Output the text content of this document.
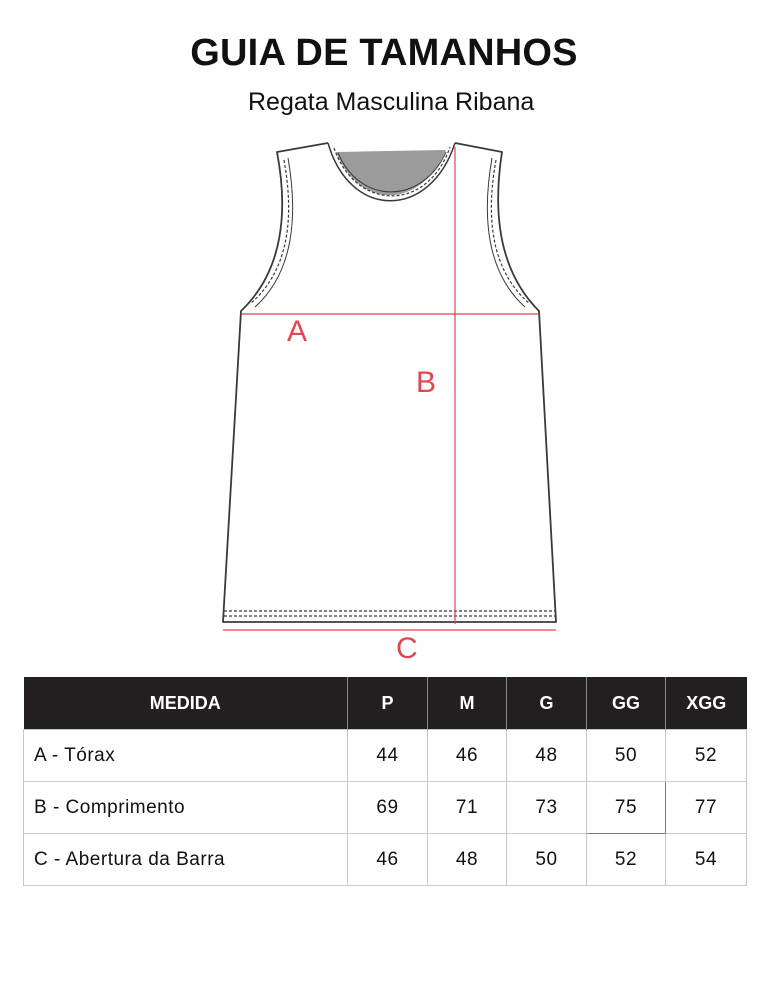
GUIA DE TAMANHOS
Regata Masculina Ribana
A
B
C
MEDIDA	P	M	G	GG	XGG
A - Tórax	44	46	48	50	52
B - Comprimento	69	71	73	75	77
C - Abertura da Barra	46	48	50	52	54
